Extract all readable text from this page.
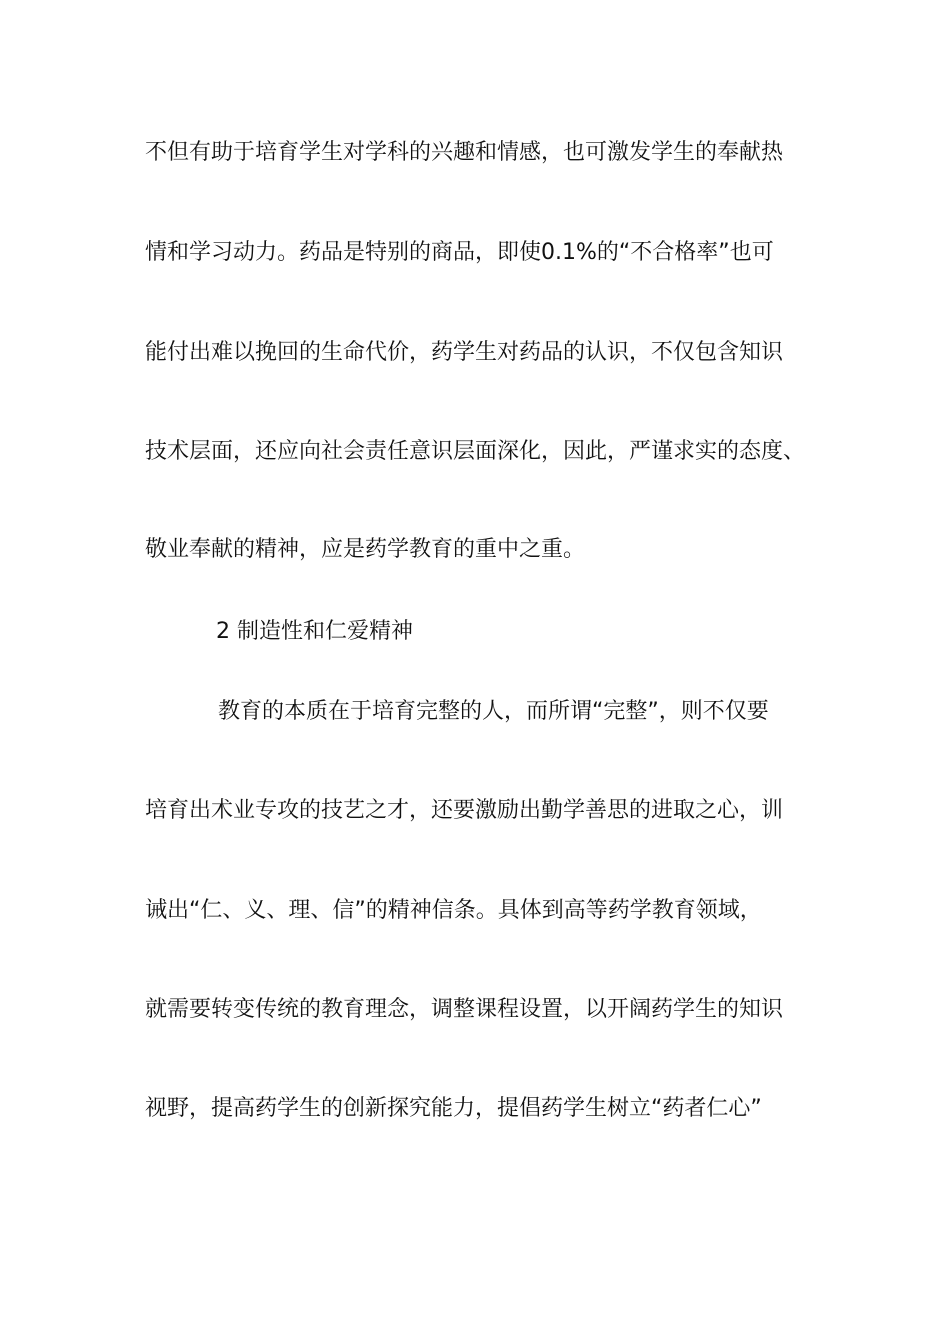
不但有助于培育学生对学科的兴趣和情感，也可激发学生的奉献热
情和学习动力。药品是特别的商品，即使0.1%的“不合格率”也可
能付出难以挽回的生命代价，药学生对药品的认识，不仅包含知识
技术层面，还应向社会责任意识层面深化，因此，严谨求实的态度、
敬业奉献的精神，应是药学教育的重中之重。
2 制造性和仁爱精神
教育的本质在于培育完整的人，而所谓“完整”，则不仅要
培育出术业专攻的技艺之才，还要激励出勤学善思的进取之心，训
诫出“仁、义、理、信”的精神信条。具体到高等药学教育领域，
就需要转变传统的教育理念，调整课程设置，以开阔药学生的知识
视野，提高药学生的创新探究能力，提倡药学生树立“药者仁心”
